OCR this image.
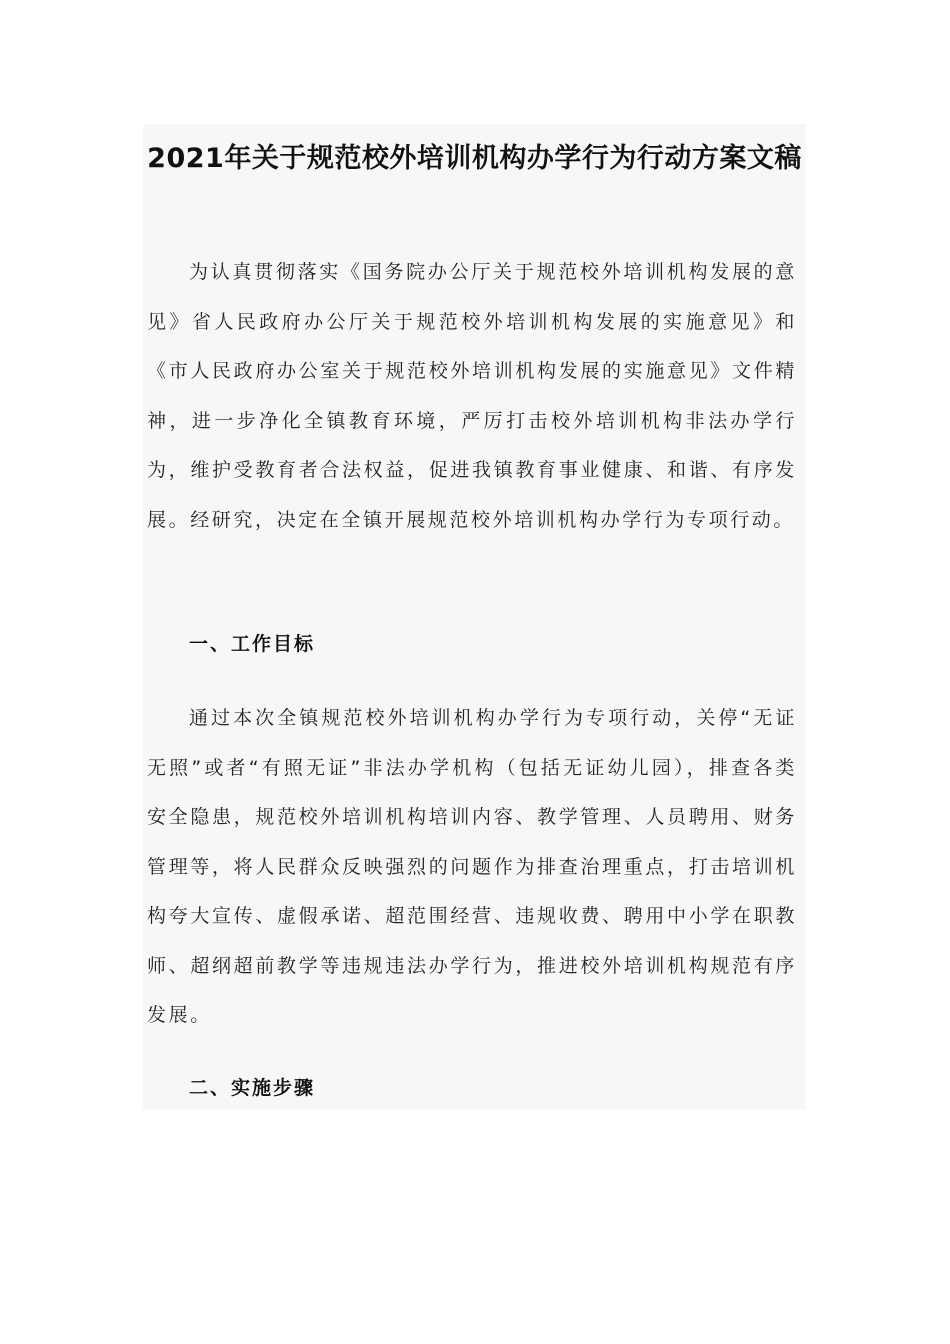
2021年关于规范校外培训机构办学行为行动方案文稿

为认真贯彻落实《国务院办公厅关于规范校外培训机构发展的意见》省人民政府办公厅关于规范校外培训机构发展的实施意见》和《市人民政府办公室关于规范校外培训机构发展的实施意见》文件精神，进一步净化全镇教育环境，严厉打击校外培训机构非法办学行为，维护受教育者合法权益，促进我镇教育事业健康、和谐、有序发展。经研究，决定在全镇开展规范校外培训机构办学行为专项行动。

一、工作目标

通过本次全镇规范校外培训机构办学行为专项行动，关停“无证无照”或者“有照无证”非法办学机构（包括无证幼儿园），排查各类安全隐患，规范校外培训机构培训内容、教学管理、人员聘用、财务管理等，将人民群众反映强烈的问题作为排查治理重点，打击培训机构夸大宣传、虚假承诺、超范围经营、违规收费、聘用中小学在职教师、超纲超前教学等违规违法办学行为，推进校外培训机构规范有序发展。

二、实施步骤
